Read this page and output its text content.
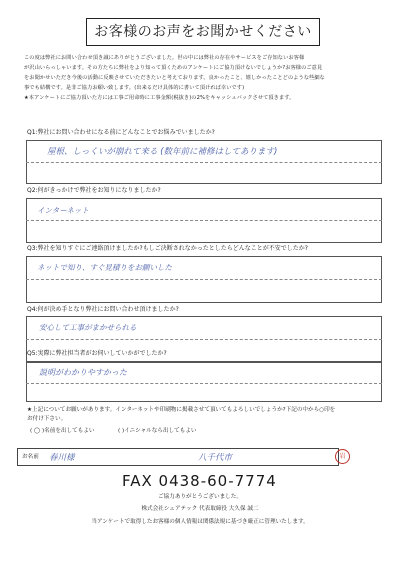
お客様のお声をお聞かせください

この度は弊社にお問い合わせ頂き誠にありがとうございました。世の中には弊社の存在やサービスをご存知ないお客様

が沢山いらっしゃいます。その方たちに弊社をより知って頂くためのアンケートにご協力頂けないでしょうか?お客様のご意見

をお聞かせいただき今後の活動に反映させていただきたいと考えております。良かったこと、嬉しかったことどのような些細な

事でも結構です。是非ご協力お願い致します。(出来るだけ具体的に書いて頂ければ幸いです)

★本アンケートにご協力頂いた方には工事ご用命時に工事金額(税抜き)の2%をキャッシュバックさせて頂きます。

Q1:弊社にお問い合わせになる前にどんなことでお悩みでいましたか?
屋根、しっくいが崩れて来る (数年前に補修はしてあります)
Q2:何がきっかけで弊社をお知りになりましたか?
インターネット
Q3:弊社を知りすぐにご連絡頂けましたか?もしご決断されなかったとしたらどんなことが不安でしたか?
ネットで知り、すぐ見積りをお願いした
Q4:何が決め手となり弊社にお問い合わせ頂けましたか?
安心して工事がまかせられる
Q5:実際に弊社担当者がお伺いしていかがでしたか?
説明がわかりやすかった
★上記についてお願いがあります。インターネットや印刷物に掲載させて頂いてもよろしいでしょうか?下記の中から○印を
お付け下さい。
( ◯ )名前を出してもよい	( )イニシャルなら出してもよい
お名前 春川様	八千代市	岩
FAX 0438-60-7774
ご協力ありがとうございました。
株式会社シェアテック 代表取締役 大久保 誠二
当アンケートで取得したお客様の個人情報は関係法規に基づき厳正に管理いたします。
